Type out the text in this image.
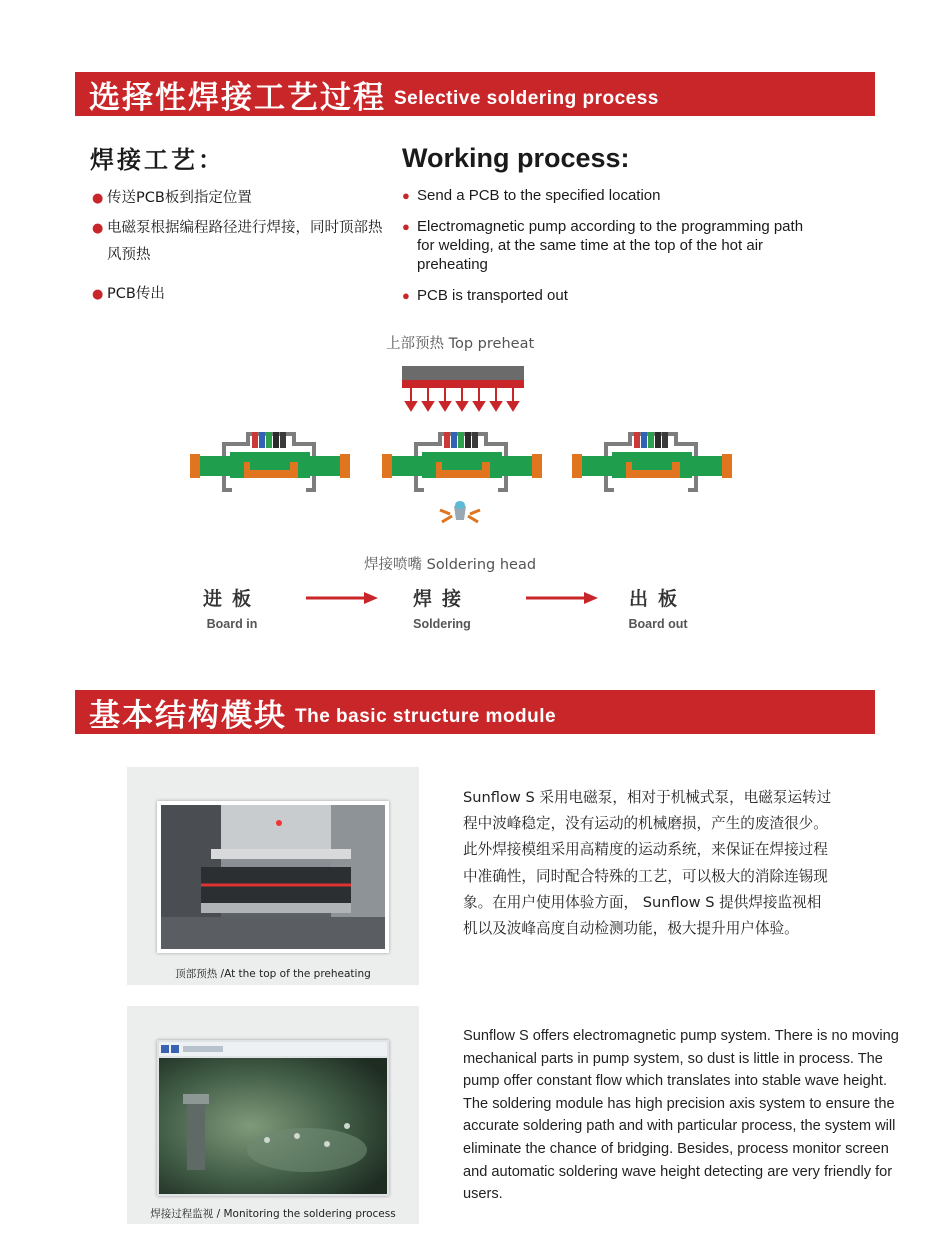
选择性焊接工艺过程 Selective soldering process
焊接工艺：	Working process:
● 传送PCB板到指定位置
● 电磁泵根据编程路径进行焊接，同时顶部热风预热
● PCB传出
● Send a PCB to the specified location
● Electromagnetic pump according to the programming path for welding, at the same time at the top of the hot air preheating
● PCB is transported out
上部预热 Top preheat
焊接喷嘴 Soldering head
进板
Board in
焊接
Soldering
出板
Board out
基本结构模块 The basic structure module
顶部预热 /At the top of the preheating
焊接过程监视 / Monitoring the soldering process
Sunflow S 采用电磁泵，相对于机械式泵，电磁泵运转过程中波峰稳定，没有运动的机械磨损，产生的废渣很少。此外焊接模组采用高精度的运动系统，来保证在焊接过程中准确性，同时配合特殊的工艺，可以极大的消除连锡现象。在用户使用体验方面， Sunflow S 提供焊接监视相机以及波峰高度自动检测功能，极大提升用户体验。
Sunflow S offers electromagnetic pump system. There is no moving mechanical parts in pump system, so dust is little in process. The pump offer constant flow which translates into stable wave height. The soldering module has high precision axis system to ensure the accurate soldering path and with particular process, the system will eliminate the chance of bridging. Besides, process monitor screen and automatic soldering wave height detecting are very friendly for users.
